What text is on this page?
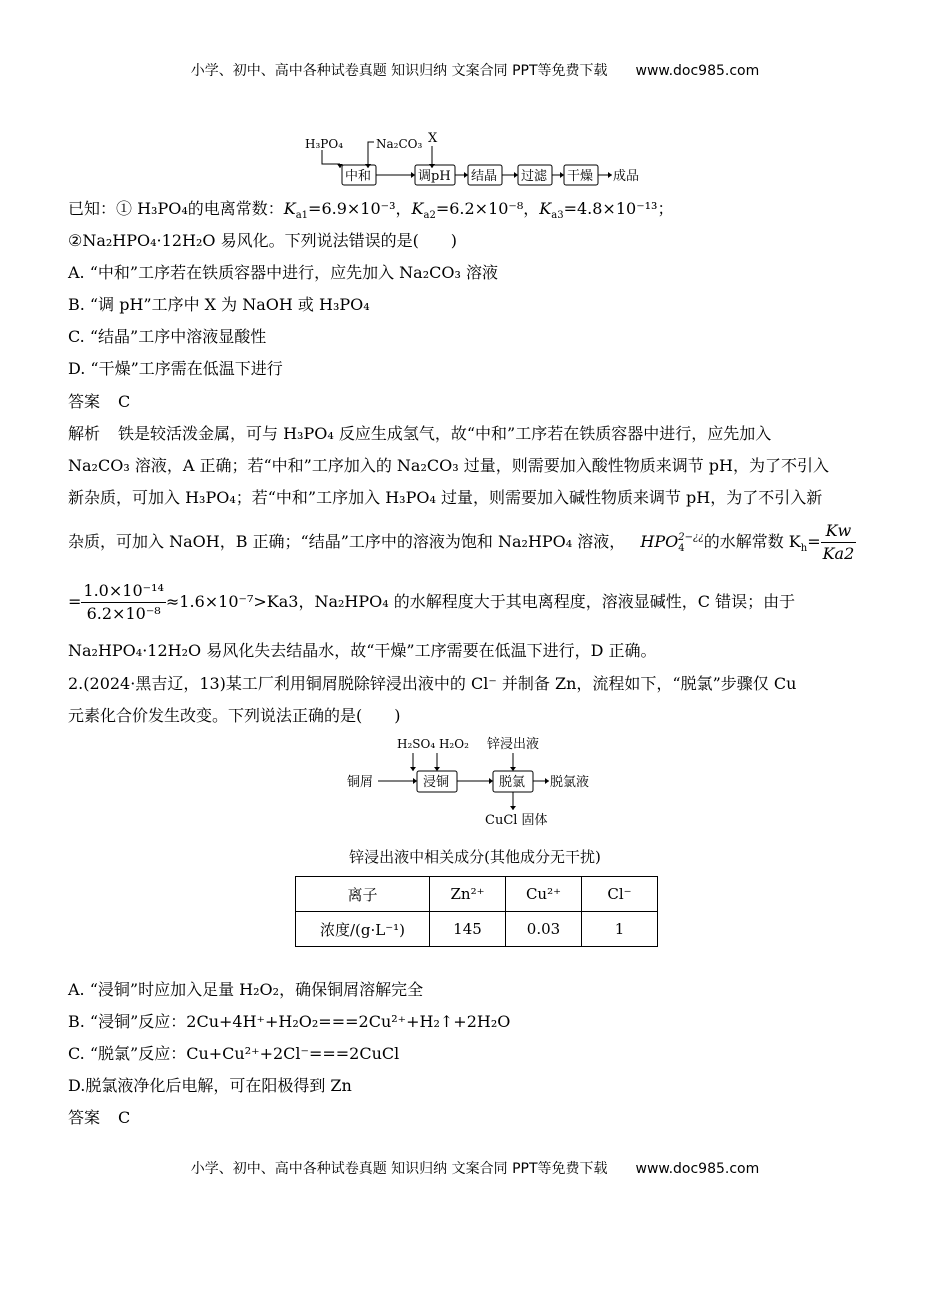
小学、初中、高中各种试卷真题 知识归纳 文案合同 PPT等免费下载 www.doc985.com
H₃PO₄	Na₂CO₃ X
中和	调pH 结晶 过滤 干燥 成品
已知：① H₃PO₄的电离常数：$K_{a1}=6.9\times 10^{-3}$，$K_{a2}=6.2\times 10^{-8}$，$K_{a3}=4.8\times 10^{-13}$；
②Na₂HPO₄·12H₂O 易风化。下列说法错误的是(　　)
A. “中和”工序若在铁质容器中进行，应先加入 Na₂CO₃ 溶液
B. “调 pH”工序中 X 为 NaOH 或 H₃PO₄
C. “结晶”工序中溶液显酸性
D. “干燥”工序需在低温下进行
答案 C
解析 铁是较活泼金属，可与 H₃PO₄ 反应生成氢气，故“中和”工序若在铁质容器中进行，应先加入
Na₂CO₃ 溶液，A 正确；若“中和”工序加入的 Na₂CO₃ 过量，则需要加入酸性物质来调节 pH，为了不引入
新杂质，可加入 H₃PO₄；若“中和”工序加入 H₃PO₄ 过量，则需要加入碱性物质来调节 pH，为了不引入新
杂质，可加入 NaOH，B 正确；“结晶”工序中的溶液为饱和 Na₂HPO₄ 溶液， HPO2−¿¿
4 的水解常数 $K_h= \frac{Kw}{Ka2}$
= $\frac{\text{1.0×10⁻¹⁴}}{\text{6.2×10⁻⁸}} \approx 1.6\times 10^{-7}>Ka3$，Na₂HPO₄ 的水解程度大于其电离程度，溶液显碱性，C 错误；由于
Na₂HPO₄·12H₂O 易风化失去结晶水，故“干燥”工序需要在低温下进行，D 正确。
2.(2024·黑吉辽，13)某工厂利用铜屑脱除锌浸出液中的 Cl⁻ 并制备 Zn，流程如下，“脱氯”步骤仅 Cu
元素化合价发生改变。下列说法正确的是(　　)
H₂SO₄ H₂O₂ 锌浸出液
铜屑	浸铜	脱氯 脱氯液
CuCl 固体
锌浸出液中相关成分(其他成分无干扰)
离子	Zn²⁺	Cu²⁺	Cl⁻
浓度/(g·L⁻¹)	145	0.03	1
A. “浸铜”时应加入足量 H₂O₂，确保铜屑溶解完全
B. “浸铜”反应：2Cu+4H⁺+H₂O₂===2Cu²⁺+H₂↑+2H₂O
C. “脱氯”反应：Cu+Cu²⁺+2Cl⁻===2CuCl
D.脱氯液净化后电解，可在阳极得到 Zn
答案 C
小学、初中、高中各种试卷真题 知识归纳 文案合同 PPT等免费下载 www.doc985.com
